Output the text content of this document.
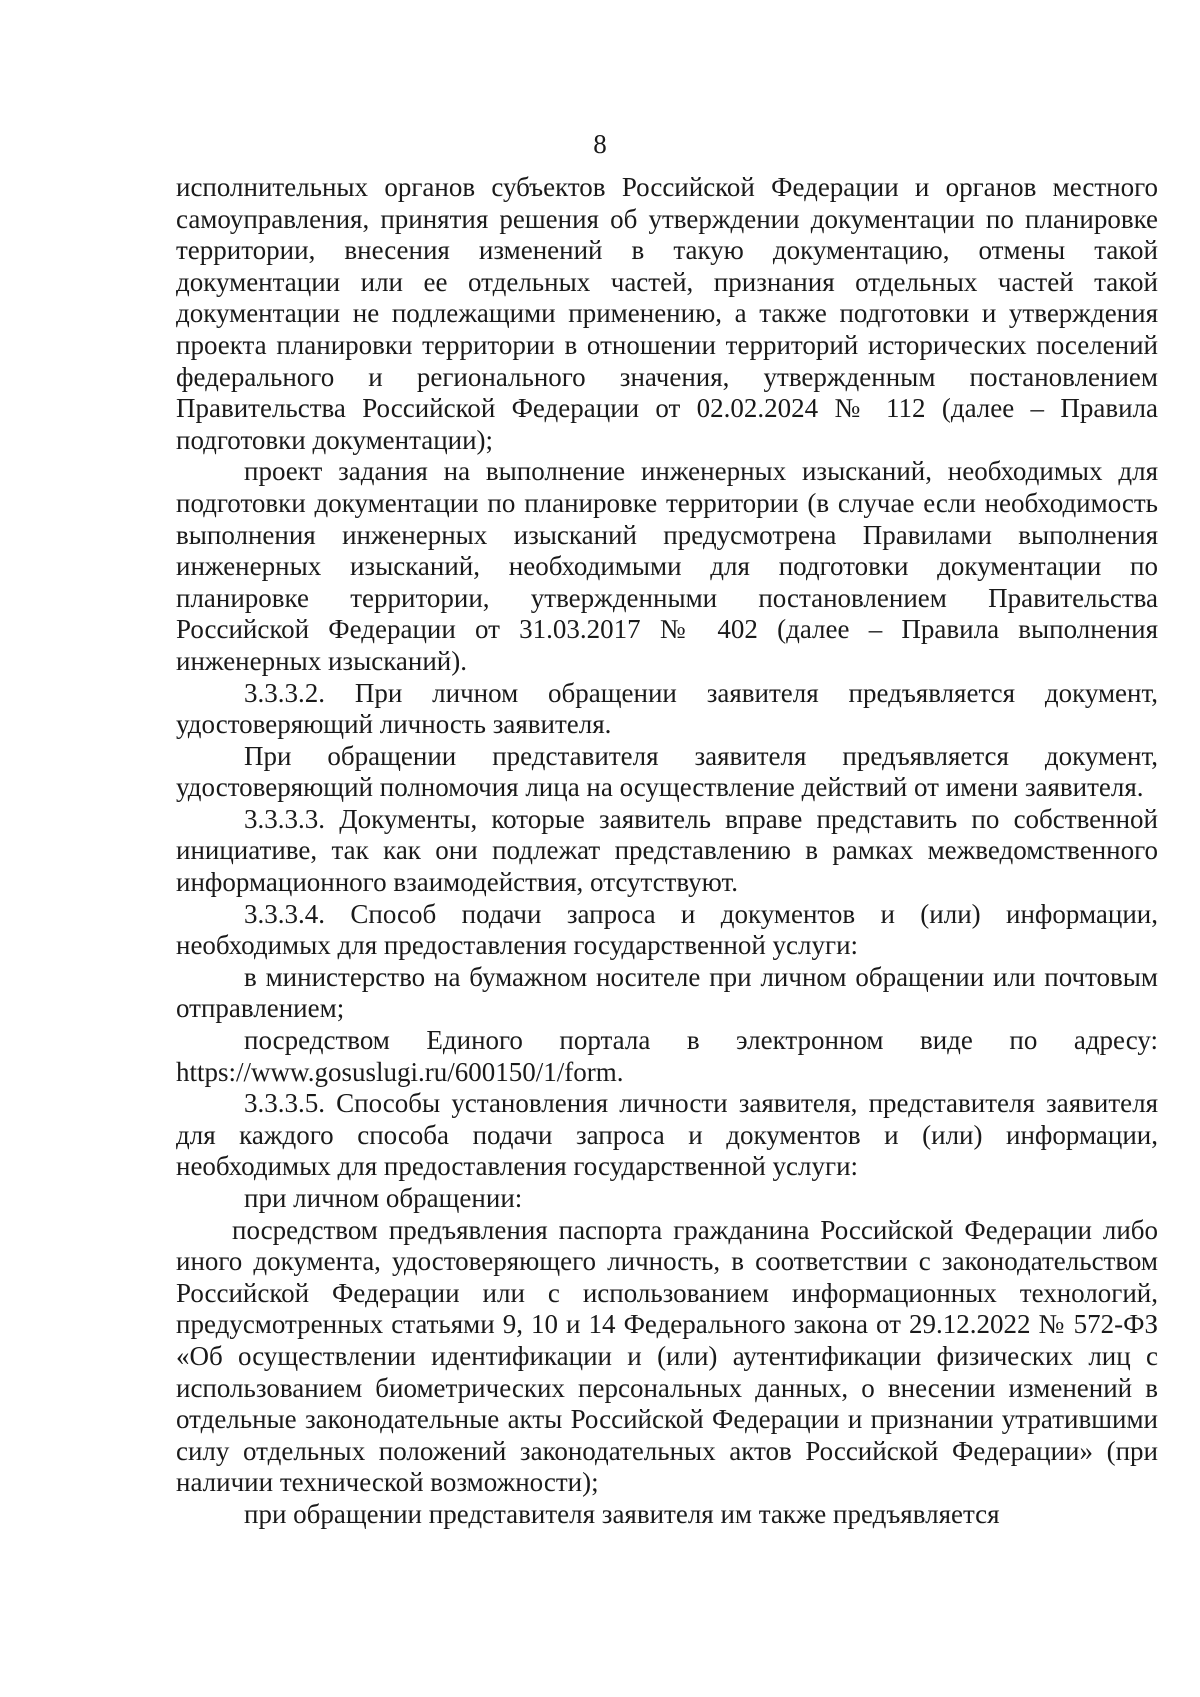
8

исполнительных органов субъектов Российской Федерации и органов местного самоуправления, принятия решения об утверждении документации по планировке территории, внесения изменений в такую документацию, отмены такой документации или ее отдельных частей, признания отдельных частей такой документации не подлежащими применению, а также подготовки и утверждения проекта планировки территории в отношении территорий исторических поселений федерального и регионального значения, утвержденным постановлением Правительства Российской Федерации от 02.02.2024 № 112 (далее – Правила подготовки документации);

проект задания на выполнение инженерных изысканий, необходимых для подготовки документации по планировке территории (в случае если необходимость выполнения инженерных изысканий предусмотрена Правилами выполнения инженерных изысканий, необходимыми для подготовки документации по планировке территории, утвержденными постановлением Правительства Российской Федерации от 31.03.2017 № 402 (далее – Правила выполнения инженерных изысканий).

3.3.3.2. При личном обращении заявителя предъявляется документ, удостоверяющий личность заявителя.

При обращении представителя заявителя предъявляется документ, удостоверяющий полномочия лица на осуществление действий от имени заявителя.

3.3.3.3. Документы, которые заявитель вправе представить по собственной инициативе, так как они подлежат представлению в рамках межведомственного информационного взаимодействия, отсутствуют.

3.3.3.4. Способ подачи запроса и документов и (или) информации, необходимых для предоставления государственной услуги:

в министерство на бумажном носителе при личном обращении или почтовым отправлением;

посредством Единого портала в электронном виде по адресу: https://www.gosuslugi.ru/600150/1/form.

3.3.3.5. Способы установления личности заявителя, представителя заявителя для каждого способа подачи запроса и документов и (или) информации, необходимых для предоставления государственной услуги:

при личном обращении:

посредством предъявления паспорта гражданина Российской Федерации либо иного документа, удостоверяющего личность, в соответствии с законодательством Российской Федерации или с использованием информационных технологий, предусмотренных статьями 9, 10 и 14 Федерального закона от 29.12.2022 № 572-ФЗ «Об осуществлении идентификации и (или) аутентификации физических лиц с использованием биометрических персональных данных, о внесении изменений в отдельные законодательные акты Российской Федерации и признании утратившими силу отдельных положений законодательных актов Российской Федерации» (при наличии технической возможности);

при обращении представителя заявителя им также предъявляется
